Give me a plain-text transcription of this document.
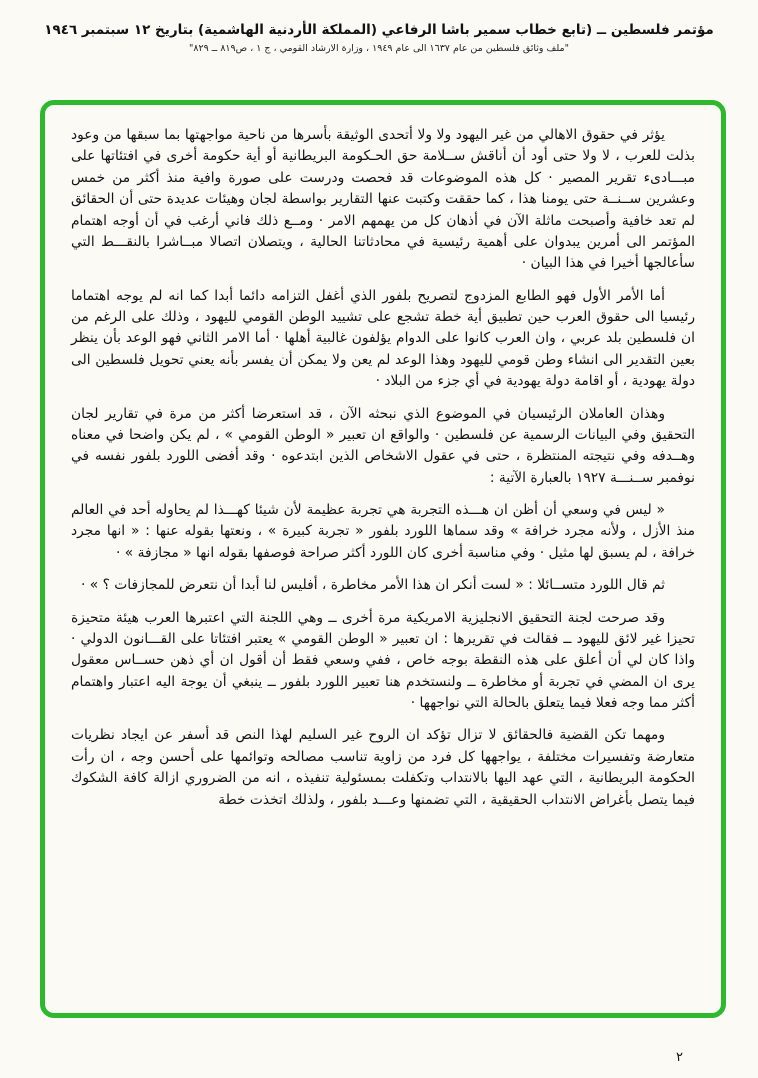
مؤتمر فلسطين ــ (تابع خطاب سمير باشا الرفاعي (المملكة الأردنية الهاشمية) بتاريخ ١٢ سبتمبر ١٩٤٦
"ملف وثائق فلسطين من عام ١٦٣٧ الى عام ١٩٤٩ ، وزارة الارشاد القومي ، ج ١ ، ص٨١٩ ــ ٨٢٩"

يؤثر في حقوق الاهالي من غير اليهود ولا ولا أتحدى الوثيقة بأسرها من ناحية مواجهتها بما سبقها من وعود بذلت للعرب ، لا ولا حتى أود أن أناقش ســلامة حق الحـكومة البريطانية أو أية حكومة أخرى في افتئاتها على مبـــادىء تقرير المصير · كل هذه الموضوعات قد فحصت ودرست على صورة وافية منذ أكثر من خمس وعشرين ســنــة حتى يومنا هذا ، كما حققت وكتبت عنها التقارير بواسطة لجان وهيئات عديدة حتى أن الحقائق لم تعد خافية وأصبحت ماثلة الآن في أذهان كل من يهمهم الامر · ومــع ذلك فاني أرغب في أن أوجه اهتمام المؤتمر الى أمرين يبدوان على أهمية رئيسية في محادثاتنا الحالية ، ويتصلان اتصالا مبــاشرا بالنقـــط التي سأعالجها أخيرا في هذا البيان ·

أما الأمر الأول فهو الطابع المزدوج لتصريح بلفور الذي أغفل التزامه دائما أبدا كما انه لم يوجه اهتماما رئيسيا الى حقوق العرب حين تطبيق أية خطة تشجع على تشييد الوطن القومي لليهود ، وذلك على الرغم من ان فلسطين بلد عربي ، وان العرب كانوا على الدوام يؤلفون غالبية أهلها · أما الامر الثاني فهو الوعد بأن ينظر بعين التقدير الى انشاء وطن قومي لليهود وهذا الوعد لم يعن ولا يمكن أن يفسر بأنه يعني تحويل فلسطين الى دولة يهودية ، أو اقامة دولة يهودية في أي جزء من البلاد ·

وهذان العاملان الرئيسيان في الموضوع الذي نبحثه الآن ، قد استعرضا أكثر من مرة في تقارير لجان التحقيق وفي البيانات الرسمية عن فلسطين · والواقع ان تعبير « الوطن القومي » ، لم يكن واضحا في معناه وهــدفه وفي نتيجته المنتظرة ، حتى في عقول الاشخاص الذين ابتدعوه · وقد أفضى اللورد بلفور نفسه في نوفمبر ســنـــة ١٩٢٧ بالعبارة الآتية :

« ليس في وسعي أن أظن ان هـــذه التجربة هي تجربة عظيمة لأن شيئا كهـــذا لم يحاوله أحد في العالم منذ الأزل ، ولأنه مجرد خرافة » وقد سماها اللورد بلفور « تجربة كبيرة » ، ونعتها بقوله عنها : « انها مجرد خرافة ، لم يسبق لها مثيل · وفي مناسبة أخرى كان اللورد أكثر صراحة فوصفها بقوله انها « مجازفة » ·

ثم قال اللورد متســائلا : « لست أنكر ان هذا الأمر مخاطرة ، أفليس لنا أبدا أن نتعرض للمجازفات ؟ » ·

وقد صرحت لجنة التحقيق الانجليزية الامريكية مرة أخرى ــ وهي اللجنة التي اعتبرها العرب هيئة متحيزة تحيزا غير لائق لليهود ــ فقالت في تقريرها : ان تعبير « الوطن القومي » يعتبر افتئاتا على القـــانون الدولي · واذا كان لي أن أعلق على هذه النقطة بوجه خاص ، ففي وسعي فقط أن أقول ان أي ذهن حســاس معقول يرى ان المضي في تجربة أو مخاطرة ــ ولنستخدم هنا تعبير اللورد بلفور ــ ينبغي أن يوجة اليه اعتبار واهتمام أكثر مما وجه فعلا فيما يتعلق بالحالة التي نواجهها ·

ومهما تكن القضية فالحقائق لا تزال تؤكد ان الروح غير السليم لهذا النص قد أسفر عن ايجاد نظريات متعارضة وتفسيرات مختلفة ، يواجهها كل فرد من زاوية تناسب مصالحه وتوائمها على أحسن وجه ، ان رأت الحكومة البريطانية ، التي عهد اليها بالانتداب وتكفلت بمسئولية تنفيذه ، انه من الضروري ازالة كافة الشكوك فيما يتصل بأغراض الانتداب الحقيقية ، التي تضمنها وعـــد بلفور ، ولذلك اتخذت خطة

٢
